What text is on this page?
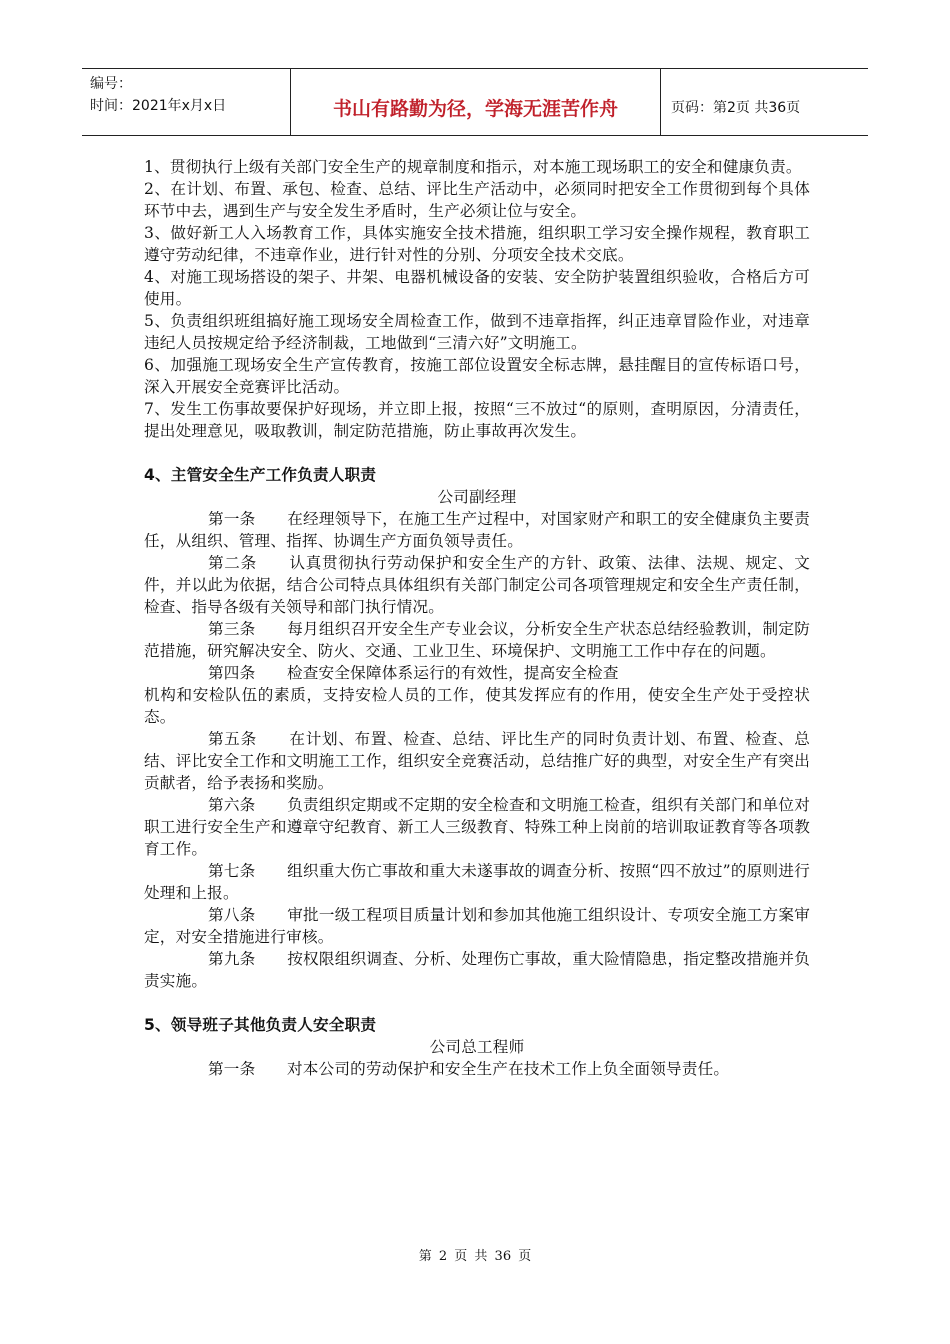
编号：
时间：2021年x月x日	书山有路勤为径，学海无涯苦作舟	页码：第2页 共36页

1、贯彻执行上级有关部门安全生产的规章制度和指示，对本施工现场职工的安全和健康负责。

2、在计划、布置、承包、检查、总结、评比生产活动中，必须同时把安全工作贯彻到每个具体环节中去，遇到生产与安全发生矛盾时，生产必须让位与安全。

3、做好新工人入场教育工作，具体实施安全技术措施，组织职工学习安全操作规程，教育职工遵守劳动纪律，不违章作业，进行针对性的分别、分项安全技术交底。

4、对施工现场搭设的架子、井架、电器机械设备的安装、安全防护装置组织验收，合格后方可使用。

5、负责组织班组搞好施工现场安全周检查工作，做到不违章指挥，纠正违章冒险作业，对违章违纪人员按规定给予经济制裁，工地做到“三清六好”文明施工。

6、加强施工现场安全生产宣传教育，按施工部位设置安全标志牌，悬挂醒目的宣传标语口号，深入开展安全竞赛评比活动。

7、发生工伤事故要保护好现场，并立即上报，按照“三不放过“的原则，查明原因，分清责任，提出处理意见，吸取教训，制定防范措施，防止事故再次发生。

4、主管安全生产工作负责人职责

公司副经理

第一条　　在经理领导下，在施工生产过程中，对国家财产和职工的安全健康负主要责任，从组织、管理、指挥、协调生产方面负领导责任。

第二条　　认真贯彻执行劳动保护和安全生产的方针、政策、法律、法规、规定、文件，并以此为依据，结合公司特点具体组织有关部门制定公司各项管理规定和安全生产责任制，检查、指导各级有关领导和部门执行情况。

第三条　　每月组织召开安全生产专业会议，分析安全生产状态总结经验教训，制定防范措施，研究解决安全、防火、交通、工业卫生、环境保护、文明施工工作中存在的问题。

第四条　　检查安全保障体系运行的有效性，提高安全检查

机构和安检队伍的素质，支持安检人员的工作，使其发挥应有的作用，使安全生产处于受控状态。

第五条　　在计划、布置、检查、总结、评比生产的同时负责计划、布置、检查、总结、评比安全工作和文明施工工作，组织安全竞赛活动，总结推广好的典型，对安全生产有突出贡献者，给予表扬和奖励。

第六条　　负责组织定期或不定期的安全检查和文明施工检查，组织有关部门和单位对职工进行安全生产和遵章守纪教育、新工人三级教育、特殊工种上岗前的培训取证教育等各项教育工作。

第七条　　组织重大伤亡事故和重大未遂事故的调查分析、按照“四不放过”的原则进行处理和上报。

第八条　　审批一级工程项目质量计划和参加其他施工组织设计、专项安全施工方案审定，对安全措施进行审核。

第九条　　按权限组织调查、分析、处理伤亡事故，重大险情隐患，指定整改措施并负责实施。

5、领导班子其他负责人安全职责

公司总工程师

第一条　　对本公司的劳动保护和安全生产在技术工作上负全面领导责任。

第 2 页 共 36 页
